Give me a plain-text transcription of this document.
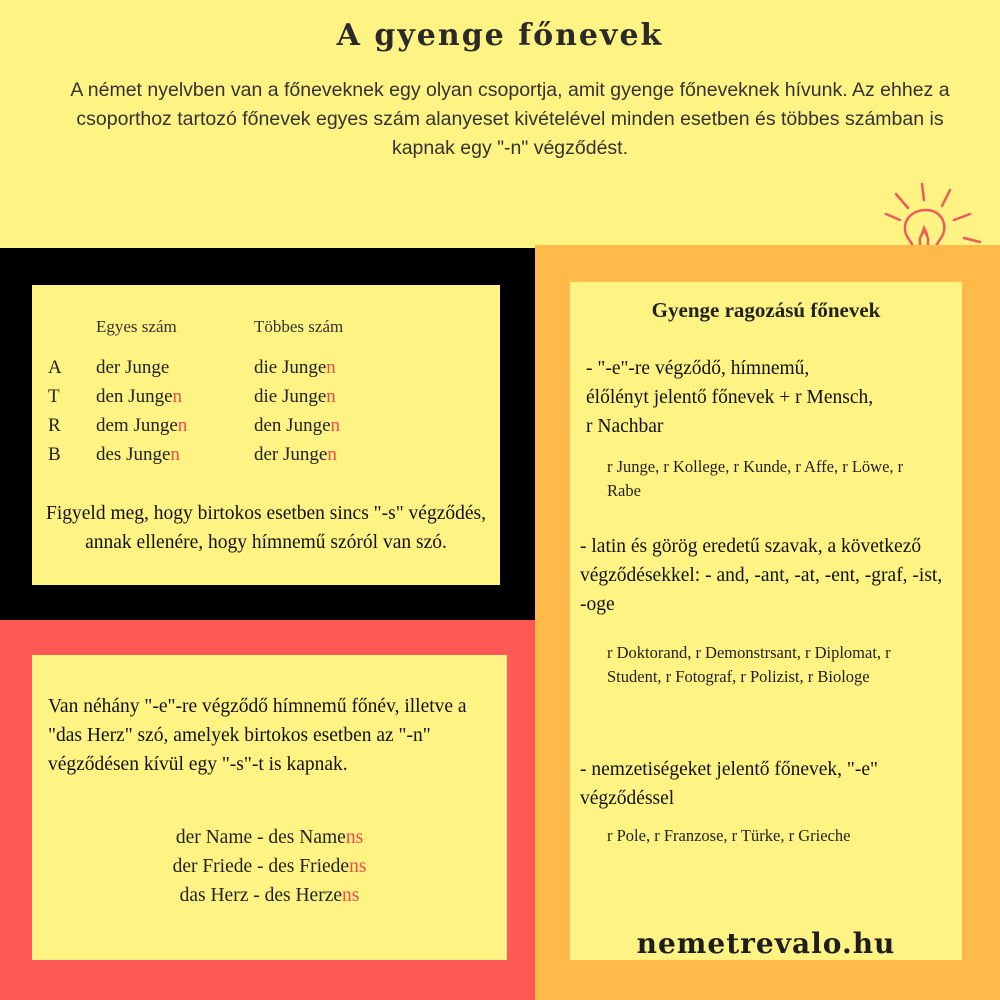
A gyenge főnevek
A német nyelvben van a főneveknek egy olyan csoportja, amit gyenge főneveknek hívunk. Az ehhez a csoporthoz tartozó főnevek egyes szám alanyeset kivételével minden esetben és többes számban is kapnak egy "-n" végződést.
Egyes szám	Többes szám
A der Junge	die Jungen
T den Jungen	die Jungen
R dem Jungen	den Jungen
B des Jungen	der Jungen
Figyeld meg, hogy birtokos esetben sincs "-s" végződés, annak ellenére, hogy hímnemű szóról van szó.
Van néhány "-e"-re végződő hímnemű főnév, illetve a "das Herz" szó, amelyek birtokos esetben az "-n" végződésen kívül egy "-s"-t is kapnak.
der Name - des Namens
der Friede - des Friedens
das Herz - des Herzens
Gyenge ragozású főnevek
- "-e"-re végződő, hímnemű, élőlényt jelentő főnevek + r Mensch, r Nachbar
r Junge, r Kollege, r Kunde, r Affe, r Löwe, r Rabe
- latin és görög eredetű szavak, a következő végződésekkel: - and, -ant, -at, -ent, -graf, -ist, -oge
r Doktorand, r Demonstrsant, r Diplomat, r Student, r Fotograf, r Polizist, r Biologe
- nemzetiségeket jelentő főnevek, "-e" végződéssel
r Pole, r Franzose, r Türke, r Grieche
nemetrevalo.hu
